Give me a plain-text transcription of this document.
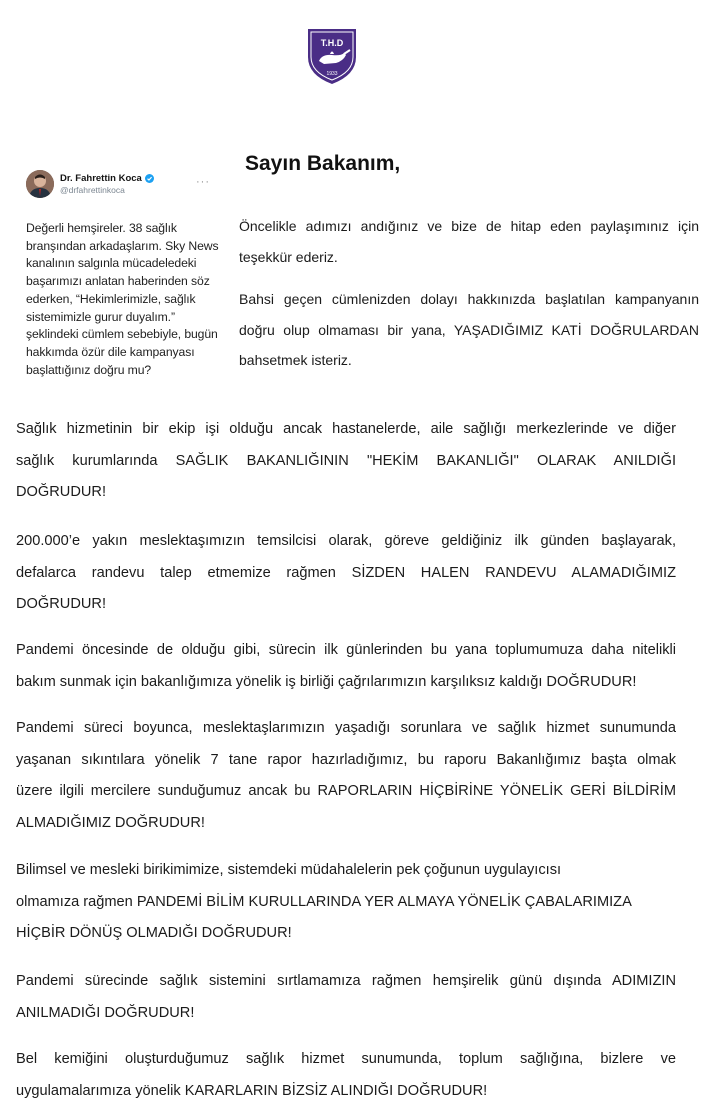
T.H.D
1933
Sayın Bakanım,
Dr. Fahrettin Koca
@drfahrettinkoca
···
Değerli hemşireler. 38 sağlık
branşından arkadaşlarım. Sky News
kanalının salgınla mücadeledeki
başarımızı anlatan haberinden söz
ederken, “Hekimlerimizle, sağlık
sistemimizle gurur duyalım.”
şeklindeki cümlem sebebiyle, bugün
hakkımda özür dile kampanyası
başlattığınız doğru mu?
Öncelikle adımızı andığınız ve bize de hitap eden paylaşımınız için
teşekkür ederiz.
Bahsi geçen cümlenizden dolayı hakkınızda başlatılan kampanyanın
doğru olup olmaması bir yana, YAŞADIĞIMIZ KATİ DOĞRULARDAN
bahsetmek isteriz.
Sağlık hizmetinin bir ekip işi olduğu ancak hastanelerde, aile sağlığı merkezlerinde ve diğer
sağlık kurumlarında SAĞLIK BAKANLIĞININ "HEKİM BAKANLIĞI" OLARAK ANILDIĞI
DOĞRUDUR!
200.000’e yakın meslektaşımızın temsilcisi olarak, göreve geldiğiniz ilk günden başlayarak,
defalarca randevu talep etmemize rağmen SİZDEN HALEN RANDEVU ALAMADIĞIMIZ
DOĞRUDUR!
Pandemi öncesinde de olduğu gibi, sürecin ilk günlerinden bu yana toplumumuza daha nitelikli
bakım sunmak için bakanlığımıza yönelik iş birliği çağrılarımızın karşılıksız kaldığı DOĞRUDUR!
Pandemi süreci boyunca, meslektaşlarımızın yaşadığı sorunlara ve sağlık hizmet sunumunda
yaşanan sıkıntılara yönelik 7 tane rapor hazırladığımız, bu raporu Bakanlığımız başta olmak
üzere ilgili mercilere sunduğumuz ancak bu RAPORLARIN HİÇBİRİNE YÖNELİK GERİ BİLDİRİM
ALMADIĞIMIZ DOĞRUDUR!
Bilimsel ve mesleki birikimimize, sistemdeki müdahalelerin pek çoğunun uygulayıcısı
olmamıza rağmen PANDEMİ BİLİM KURULLARINDA YER ALMAYA YÖNELİK ÇABALARIMIZA
HİÇBİR DÖNÜŞ OLMADIĞI DOĞRUDUR!
Pandemi sürecinde sağlık sistemini sırtlamamıza rağmen hemşirelik günü dışında ADIMIZIN
ANILMADIĞI DOĞRUDUR!
Bel kemiğini oluşturduğumuz sağlık hizmet sunumunda, toplum sağlığına, bizlere ve
uygulamalarımıza yönelik KARARLARIN BİZSİZ ALINDIĞI DOĞRUDUR!
